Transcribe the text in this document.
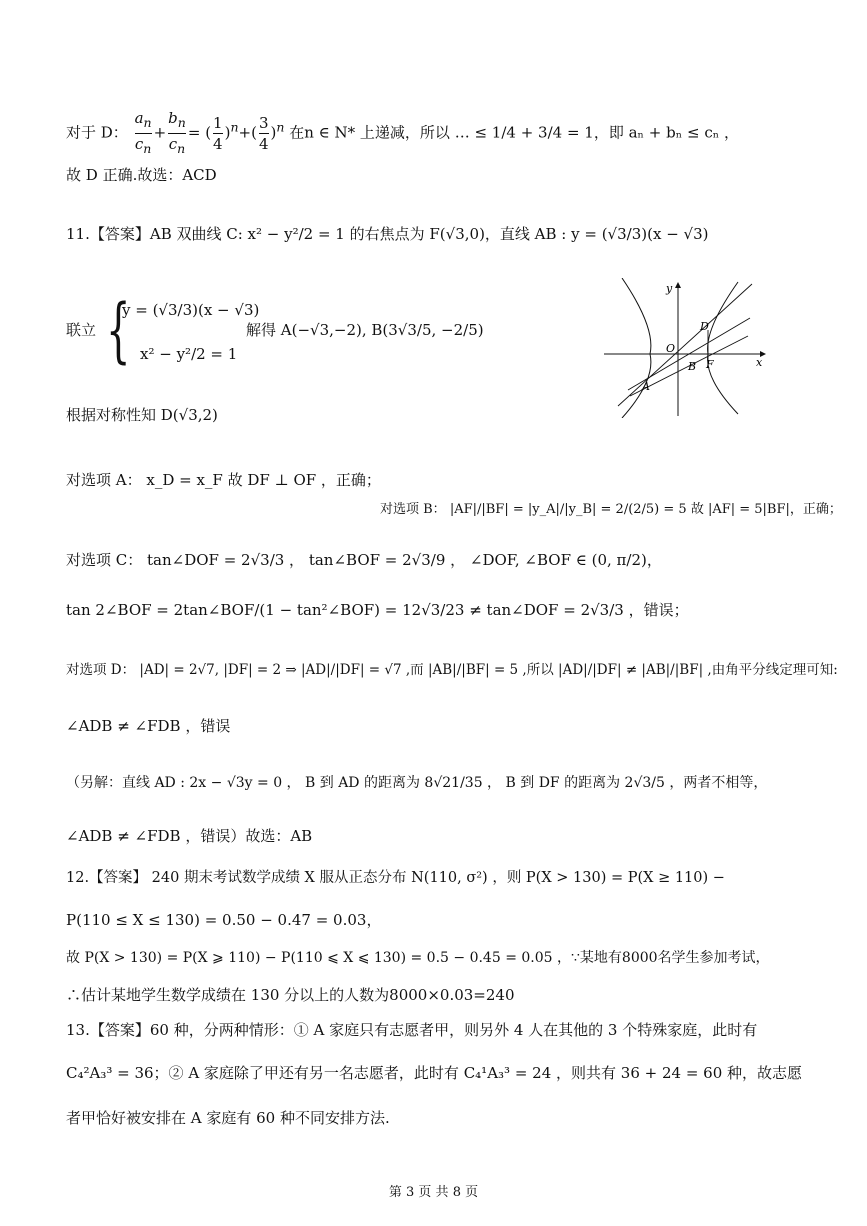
对于 D： $\frac{a_n}{c_n} + \frac{b_n}{c_n}$ = ( $\frac{1}{4} )^n+( \frac{3}{4} )^n$ 在n ∈ N* 上递减，所以 … ≤ 1/4 + 3/4 = 1，即 aₙ + bₙ ≤ cₙ ，
故 D 正确.故选：ACD
11.【答案】AB 双曲线 C: x² − y²/2 = 1 的右焦点为 F(√3,0)，直线 AB : y = (√3/3)(x − √3)
联立 {
y = (√3/3)(x − √3)
x² − y²/2 = 1
解得 A(−√3,−2), B(3√3/5, −2/5)
根据对称性知 D(√3,2)
对选项 A： x_D = x_F 故 DF ⊥ OF ，正确；
对选项 B： |AF|/|BF| = |y_A|/|y_B| = 2/(2/5) = 5 故 |AF| = 5|BF|，正确；
对选项 C： tan∠DOF = 2√3/3 ， tan∠BOF = 2√3/9 ， ∠DOF, ∠BOF ∈ (0, π/2)，
tan 2∠BOF = 2tan∠BOF/(1 − tan²∠BOF) = 12√3/23 ≠ tan∠DOF = 2√3/3 ，错误；
对选项 D： |AD| = 2√7, |DF| = 2 ⇒ |AD|/|DF| = √7 ,而 |AB|/|BF| = 5 ,所以 |AD|/|DF| ≠ |AB|/|BF| ,由角平分线定理可知:
∠ADB ≠ ∠FDB ，错误
（另解：直线 AD : 2x − √3y = 0 ， B 到 AD 的距离为 8√21/35 ， B 到 DF 的距离为 2√3/5 ，两者不相等，
∠ADB ≠ ∠FDB ，错误）故选：AB
12.【答案】 240 期末考试数学成绩 X 服从正态分布 N(110, σ²) ，则 P(X > 130) = P(X ≥ 110) −
P(110 ≤ X ≤ 130) = 0.50 − 0.47 = 0.03，
故 P(X > 130) = P(X ⩾ 110) − P(110 ⩽ X ⩽ 130) = 0.5 − 0.45 = 0.05 ，∵某地有8000名学生参加考试，
∴估计某地学生数学成绩在 130 分以上的人数为8000×0.03=240
13.【答案】60 种，分两种情形：① A 家庭只有志愿者甲，则另外 4 人在其他的 3 个特殊家庭，此时有
C₄²A₃³ = 36；② A 家庭除了甲还有另一名志愿者，此时有 C₄¹A₃³ = 24 ，则共有 36 + 24 = 60 种，故志愿
者甲恰好被安排在 A 家庭有 60 种不同安排方法.
y
x
O
D
B F
A
第 3 页 共 8 页
